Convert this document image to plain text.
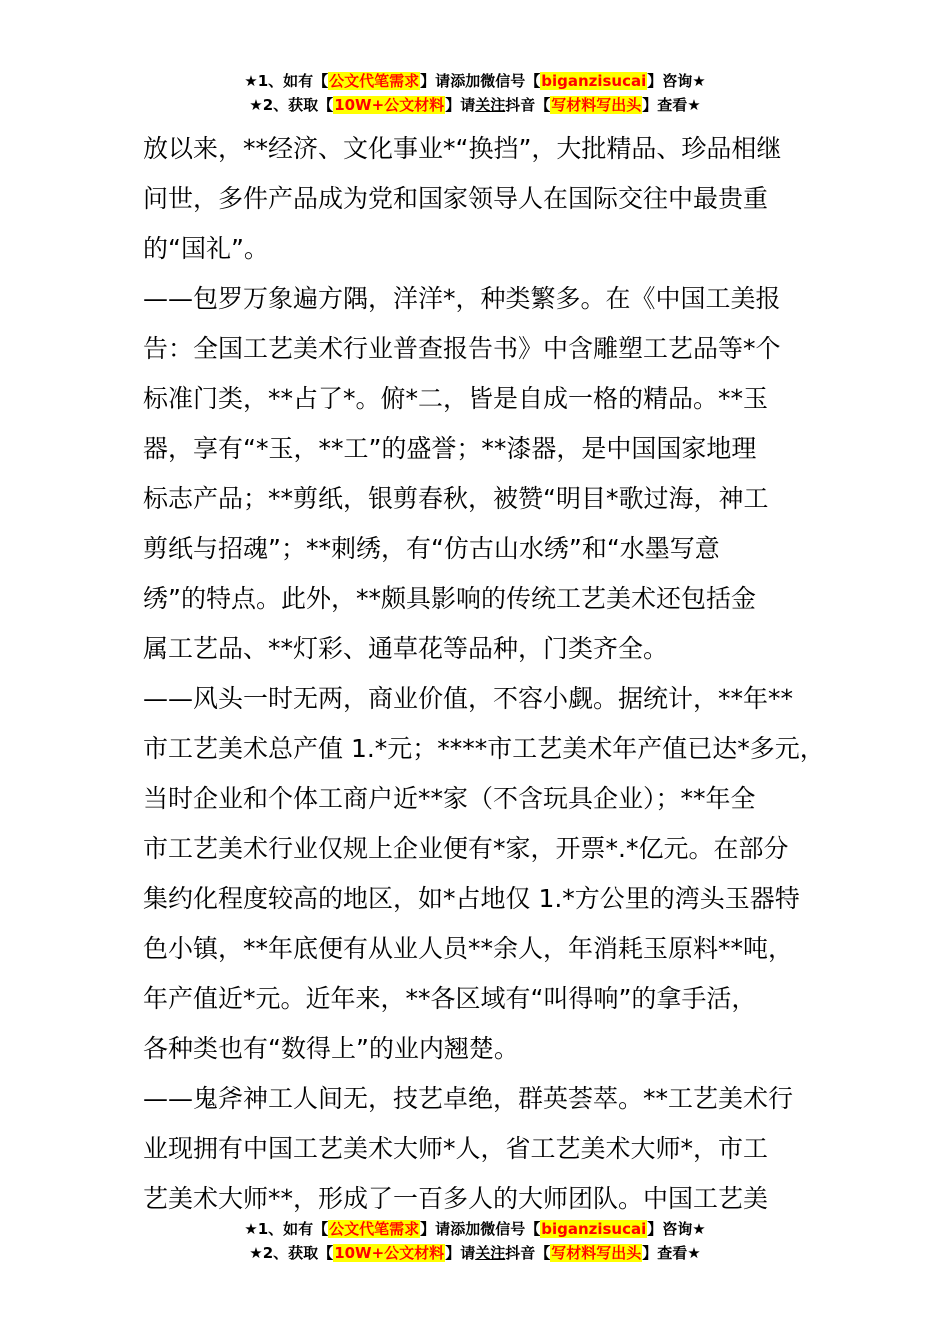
★1、如有【公文代笔需求】请添加微信号【biganzisucai】咨询★
★2、获取【10W+公文材料】请关注抖音【写材料写出头】查看★
放以来，**经济、文化事业*“换挡”，大批精品、珍品相继
问世，多件产品成为党和国家领导人在国际交往中最贵重
的“国礼”。
——包罗万象遍方隅，洋洋*，种类繁多。在《中国工美报
告：全国工艺美术行业普查报告书》中含雕塑工艺品等*个
标准门类，**占了*。俯*二，皆是自成一格的精品。**玉
器，享有“*玉，**工”的盛誉；**漆器，是中国国家地理
标志产品；**剪纸，银剪春秋，被赞“明目*歌过海，神工
剪纸与招魂”；**刺绣，有“仿古山水绣”和“水墨写意
绣”的特点。此外，**颇具影响的传统工艺美术还包括金
属工艺品、**灯彩、通草花等品种，门类齐全。
——风头一时无两，商业价值，不容小觑。据统计，**年**
市工艺美术总产值 1.*元；****市工艺美术年产值已达*多元，
当时企业和个体工商户近**家（不含玩具企业）；**年全
市工艺美术行业仅规上企业便有*家，开票*.*亿元。在部分
集约化程度较高的地区，如*占地仅 1.*方公里的湾头玉器特
色小镇，**年底便有从业人员**余人，年消耗玉原料**吨，
年产值近*元。近年来，**各区域有“叫得响”的拿手活，
各种类也有“数得上”的业内翘楚。
——鬼斧神工人间无，技艺卓绝，群英荟萃。**工艺美术行
业现拥有中国工艺美术大师*人，省工艺美术大师*，市工
艺美术大师**，形成了一百多人的大师团队。中国工艺美
★1、如有【公文代笔需求】请添加微信号【biganzisucai】咨询★
★2、获取【10W+公文材料】请关注抖音【写材料写出头】查看★
